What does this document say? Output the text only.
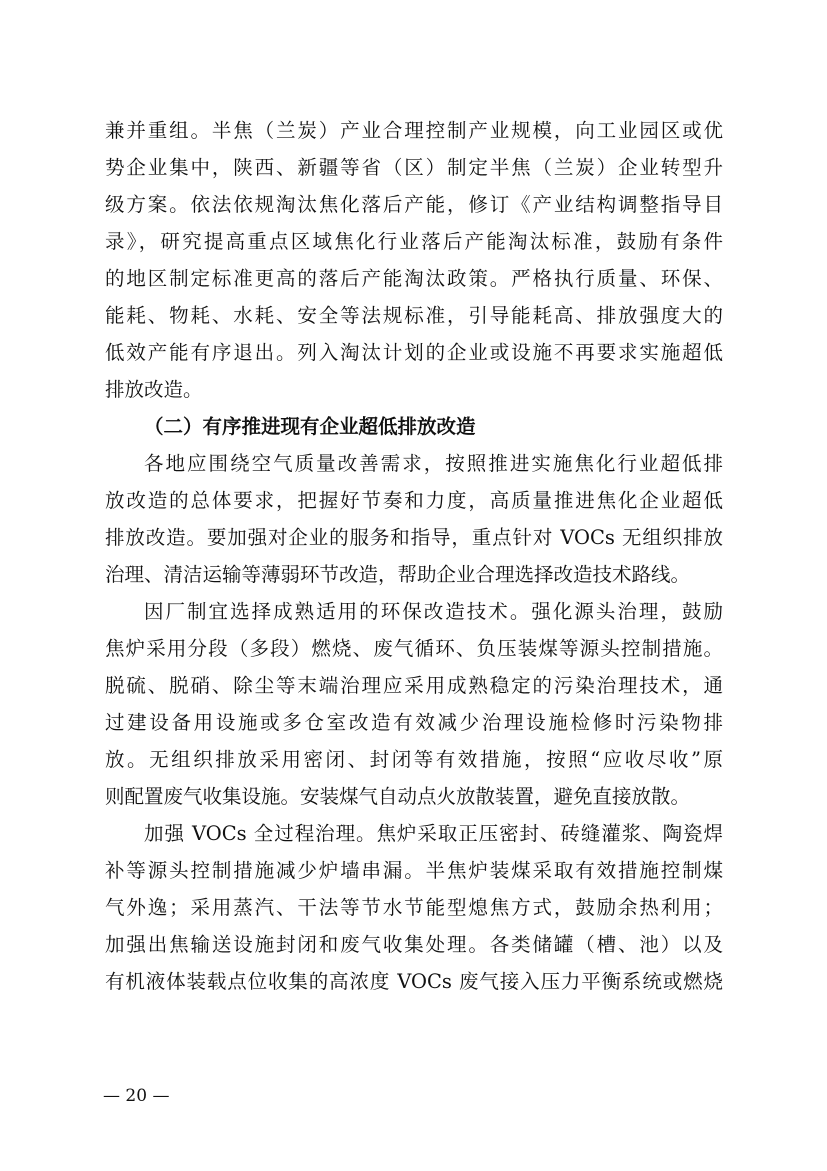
兼并重组。半焦（兰炭）产业合理控制产业规模，向工业园区或优
势企业集中，陕西、新疆等省（区）制定半焦（兰炭）企业转型升
级方案。依法依规淘汰焦化落后产能，修订《产业结构调整指导目
录》，研究提高重点区域焦化行业落后产能淘汰标准，鼓励有条件
的地区制定标准更高的落后产能淘汰政策。严格执行质量、环保、
能耗、物耗、水耗、安全等法规标准，引导能耗高、排放强度大的
低效产能有序退出。列入淘汰计划的企业或设施不再要求实施超低
排放改造。
（二）有序推进现有企业超低排放改造
各地应围绕空气质量改善需求，按照推进实施焦化行业超低排
放改造的总体要求，把握好节奏和力度，高质量推进焦化企业超低
排放改造。要加强对企业的服务和指导，重点针对 VOCs 无组织排放
治理、清洁运输等薄弱环节改造，帮助企业合理选择改造技术路线。
因厂制宜选择成熟适用的环保改造技术。强化源头治理，鼓励
焦炉采用分段（多段）燃烧、废气循环、负压装煤等源头控制措施。
脱硫、脱硝、除尘等末端治理应采用成熟稳定的污染治理技术，通
过建设备用设施或多仓室改造有效减少治理设施检修时污染物排
放。无组织排放采用密闭、封闭等有效措施，按照“应收尽收”原
则配置废气收集设施。安装煤气自动点火放散装置，避免直接放散。
加强 VOCs 全过程治理。焦炉采取正压密封、砖缝灌浆、陶瓷焊
补等源头控制措施减少炉墙串漏。半焦炉装煤采取有效措施控制煤
气外逸；采用蒸汽、干法等节水节能型熄焦方式，鼓励余热利用；
加强出焦输送设施封闭和废气收集处理。各类储罐（槽、池）以及
有机液体装载点位收集的高浓度 VOCs 废气接入压力平衡系统或燃烧
— 20 —
